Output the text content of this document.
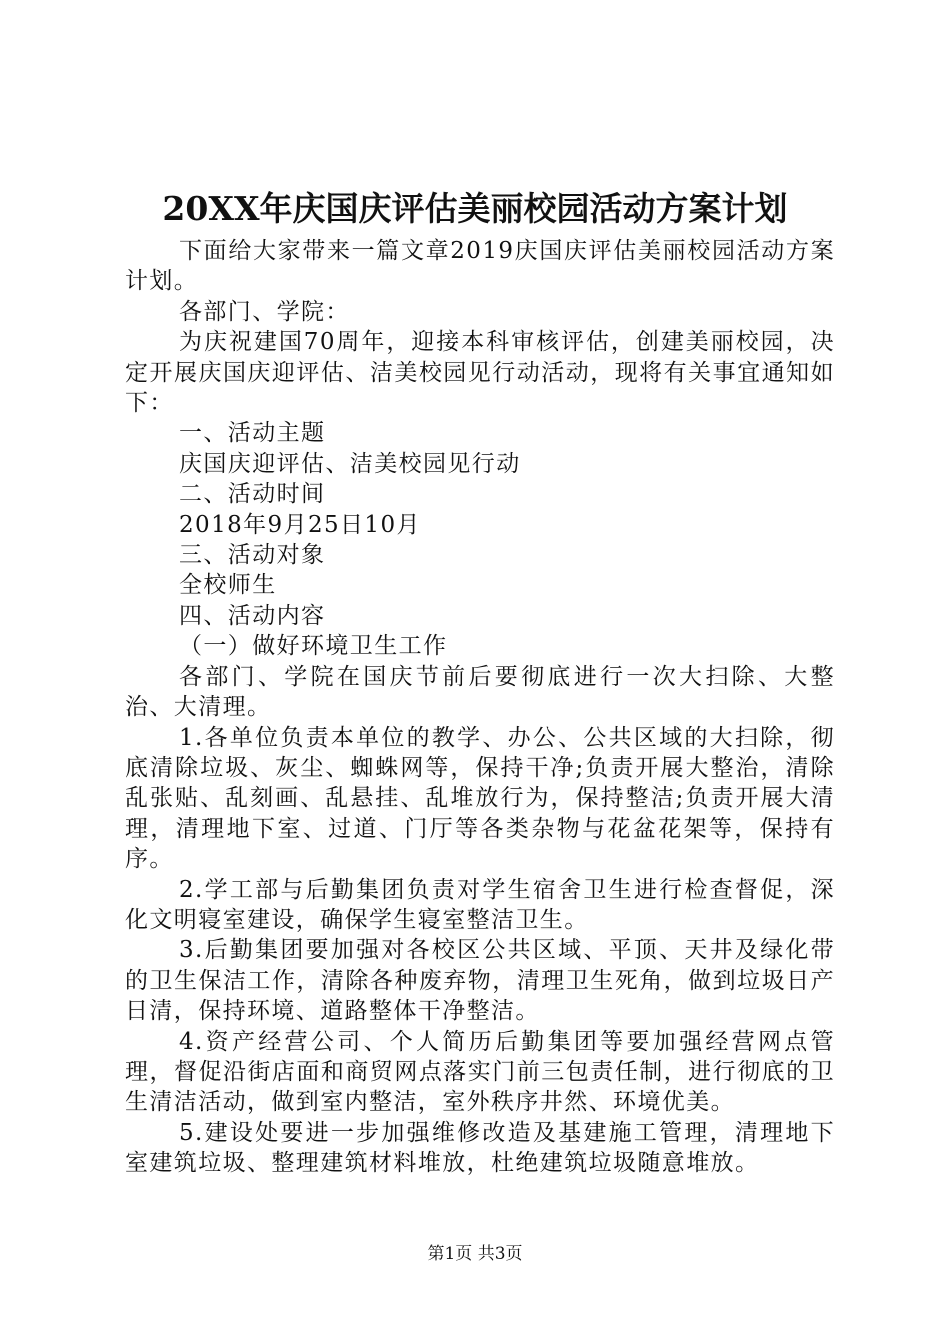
20XX年庆国庆评估美丽校园活动方案计划

下面给大家带来一篇文章2019庆国庆评估美丽校园活动方案计划。

各部门、学院：

为庆祝建国70周年，迎接本科审核评估，创建美丽校园，决定开展庆国庆迎评估、洁美校园见行动活动，现将有关事宜通知如下：

一、活动主题

庆国庆迎评估、洁美校园见行动

二、活动时间

2018年9月25日10月

三、活动对象

全校师生

四、活动内容

（一）做好环境卫生工作

各部门、学院在国庆节前后要彻底进行一次大扫除、大整治、大清理。

1.各单位负责本单位的教学、办公、公共区域的大扫除，彻底清除垃圾、灰尘、蜘蛛网等，保持干净;负责开展大整治，清除乱张贴、乱刻画、乱悬挂、乱堆放行为，保持整洁;负责开展大清理，清理地下室、过道、门厅等各类杂物与花盆花架等，保持有序。

2.学工部与后勤集团负责对学生宿舍卫生进行检查督促，深化文明寝室建设，确保学生寝室整洁卫生。

3.后勤集团要加强对各校区公共区域、平顶、天井及绿化带的卫生保洁工作，清除各种废弃物，清理卫生死角，做到垃圾日产日清，保持环境、道路整体干净整洁。

4.资产经营公司、个人简历后勤集团等要加强经营网点管理，督促沿街店面和商贸网点落实门前三包责任制，进行彻底的卫生清洁活动，做到室内整洁，室外秩序井然、环境优美。

5.建设处要进一步加强维修改造及基建施工管理，清理地下室建筑垃圾、整理建筑材料堆放，杜绝建筑垃圾随意堆放。

第1页 共3页
